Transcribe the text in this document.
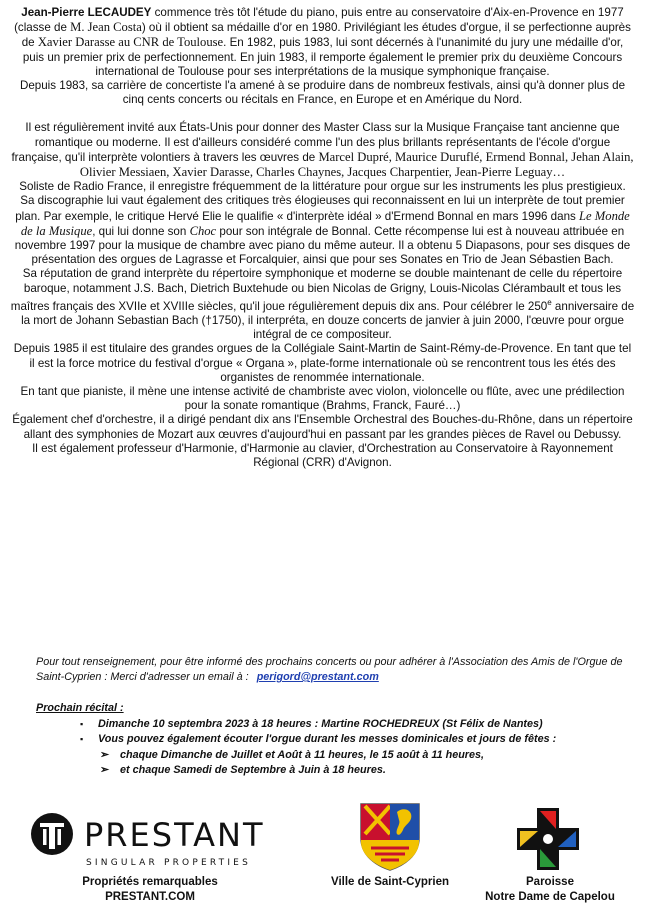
Jean-Pierre LECAUDEY commence très tôt l'étude du piano, puis entre au conservatoire d'Aix-en-Provence en 1977 (classe de M. Jean Costa) où il obtient sa médaille d'or en 1980. Privilégiant les études d'orgue, il se perfectionne auprès de Xavier Darasse au CNR de Toulouse. En 1982, puis 1983, lui sont décernés à l'unanimité du jury une médaille d'or, puis un premier prix de perfectionnement. En juin 1983, il remporte également le premier prix du deuxième Concours international de Toulouse pour ses interprétations de la musique symphonique française.

Depuis 1983, sa carrière de concertiste l'a amené à se produire dans de nombreux festivals, ainsi qu'à donner plus de cinq cents concerts ou récitals en France, en Europe et en Amérique du Nord.

Il est régulièrement invité aux États-Unis pour donner des Master Class sur la Musique Française tant ancienne que romantique ou moderne. Il est d'ailleurs considéré comme l'un des plus brillants représentants de l'école d'orgue française, qu'il interprète volontiers à travers les œuvres de Marcel Dupré, Maurice Duruflé, Ermend Bonnal, Jehan Alain, Olivier Messiaen, Xavier Darasse, Charles Chaynes, Jacques Charpentier, Jean-Pierre Leguay…

Soliste de Radio France, il enregistre fréquemment de la littérature pour orgue sur les instruments les plus prestigieux.

Sa discographie lui vaut également des critiques très élogieuses qui reconnaissent en lui un interprète de tout premier plan. Par exemple, le critique Hervé Elie le qualifie « d'interprète idéal » d'Ermend Bonnal en mars 1996 dans Le Monde de la Musique, qui lui donne son Choc pour son intégrale de Bonnal. Cette récompense lui est à nouveau attribuée en novembre 1997 pour la musique de chambre avec piano du même auteur. Il a obtenu 5 Diapasons, pour ses disques de présentation des orgues de Lagrasse et Forcalquier, ainsi que pour ses Sonates en Trio de Jean Sébastien Bach.

Sa réputation de grand interprète du répertoire symphonique et moderne se double maintenant de celle du répertoire baroque, notamment J.S. Bach, Dietrich Buxtehude ou bien Nicolas de Grigny, Louis-Nicolas Clérambault et tous les maîtres français des XVIIe et XVIIIe siècles, qu'il joue régulièrement depuis dix ans. Pour célébrer le 250e anniversaire de la mort de Johann Sebastian Bach (†1750), il interpréta, en douze concerts de janvier à juin 2000, l'œuvre pour orgue intégral de ce compositeur.

Depuis 1985 il est titulaire des grandes orgues de la Collégiale Saint-Martin de Saint-Rémy-de-Provence. En tant que tel il est la force motrice du festival d'orgue « Organa », plate-forme internationale où se rencontrent tous les étés des organistes de renommée internationale.

En tant que pianiste, il mène une intense activité de chambriste avec violon, violoncelle ou flûte, avec une prédilection pour la sonate romantique (Brahms, Franck, Fauré…)

Également chef d'orchestre, il a dirigé pendant dix ans l'Ensemble Orchestral des Bouches-du-Rhône, dans un répertoire allant des symphonies de Mozart aux œuvres d'aujourd'hui en passant par les grandes pièces de Ravel ou Debussy.

Il est également professeur d'Harmonie, d'Harmonie au clavier, d'Orchestration au Conservatoire à Rayonnement Régional (CRR) d'Avignon.

Pour tout renseignement, pour être informé des prochains concerts ou pour adhérer à l'Association des Amis de l'Orgue de Saint-Cyprien : Merci d'adresser un email à : perigord@prestant.com
Prochain récital :
▪ Dimanche 10 septembra 2023 à 18 heures : Martine ROCHEDREUX (St Félix de Nantes)
▪ Vous pouvez également écouter l'orgue durant les messes dominicales et jours de fêtes :
➢ chaque Dimanche de Juillet et Août à 11 heures, le 15 août à 11 heures,
➢ et chaque Samedi de Septembre à Juin à 18 heures.
PRESTANT
SINGULAR PROPERTIES
Propriétés remarquables
PRESTANT.COM
Ville de Saint-Cyprien	Paroisse
Notre Dame de Capelou
